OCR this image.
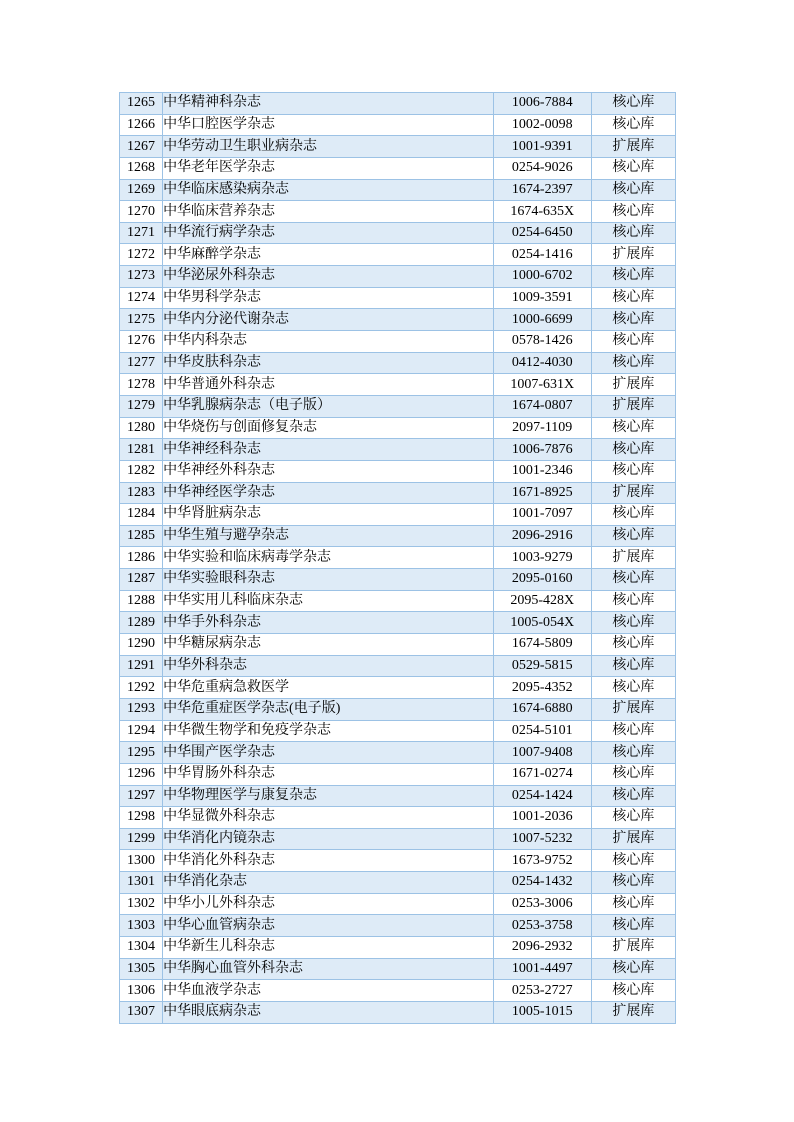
1265	中华精神科杂志	1006-7884	核心库
1266	中华口腔医学杂志	1002-0098	核心库
1267	中华劳动卫生职业病杂志	1001-9391	扩展库
1268	中华老年医学杂志	0254-9026	核心库
1269	中华临床感染病杂志	1674-2397	核心库
1270	中华临床营养杂志	1674-635X	核心库
1271	中华流行病学杂志	0254-6450	核心库
1272	中华麻醉学杂志	0254-1416	扩展库
1273	中华泌尿外科杂志	1000-6702	核心库
1274	中华男科学杂志	1009-3591	核心库
1275	中华内分泌代谢杂志	1000-6699	核心库
1276	中华内科杂志	0578-1426	核心库
1277	中华皮肤科杂志	0412-4030	核心库
1278	中华普通外科杂志	1007-631X	扩展库
1279	中华乳腺病杂志（电子版）	1674-0807	扩展库
1280	中华烧伤与创面修复杂志	2097-1109	核心库
1281	中华神经科杂志	1006-7876	核心库
1282	中华神经外科杂志	1001-2346	核心库
1283	中华神经医学杂志	1671-8925	扩展库
1284	中华肾脏病杂志	1001-7097	核心库
1285	中华生殖与避孕杂志	2096-2916	核心库
1286	中华实验和临床病毒学杂志	1003-9279	扩展库
1287	中华实验眼科杂志	2095-0160	核心库
1288	中华实用儿科临床杂志	2095-428X	核心库
1289	中华手外科杂志	1005-054X	核心库
1290	中华糖尿病杂志	1674-5809	核心库
1291	中华外科杂志	0529-5815	核心库
1292	中华危重病急救医学	2095-4352	核心库
1293	中华危重症医学杂志(电子版)	1674-6880	扩展库
1294	中华微生物学和免疫学杂志	0254-5101	核心库
1295	中华围产医学杂志	1007-9408	核心库
1296	中华胃肠外科杂志	1671-0274	核心库
1297	中华物理医学与康复杂志	0254-1424	核心库
1298	中华显微外科杂志	1001-2036	核心库
1299	中华消化内镜杂志	1007-5232	扩展库
1300	中华消化外科杂志	1673-9752	核心库
1301	中华消化杂志	0254-1432	核心库
1302	中华小儿外科杂志	0253-3006	核心库
1303	中华心血管病杂志	0253-3758	核心库
1304	中华新生儿科杂志	2096-2932	扩展库
1305	中华胸心血管外科杂志	1001-4497	核心库
1306	中华血液学杂志	0253-2727	核心库
1307	中华眼底病杂志	1005-1015	扩展库
